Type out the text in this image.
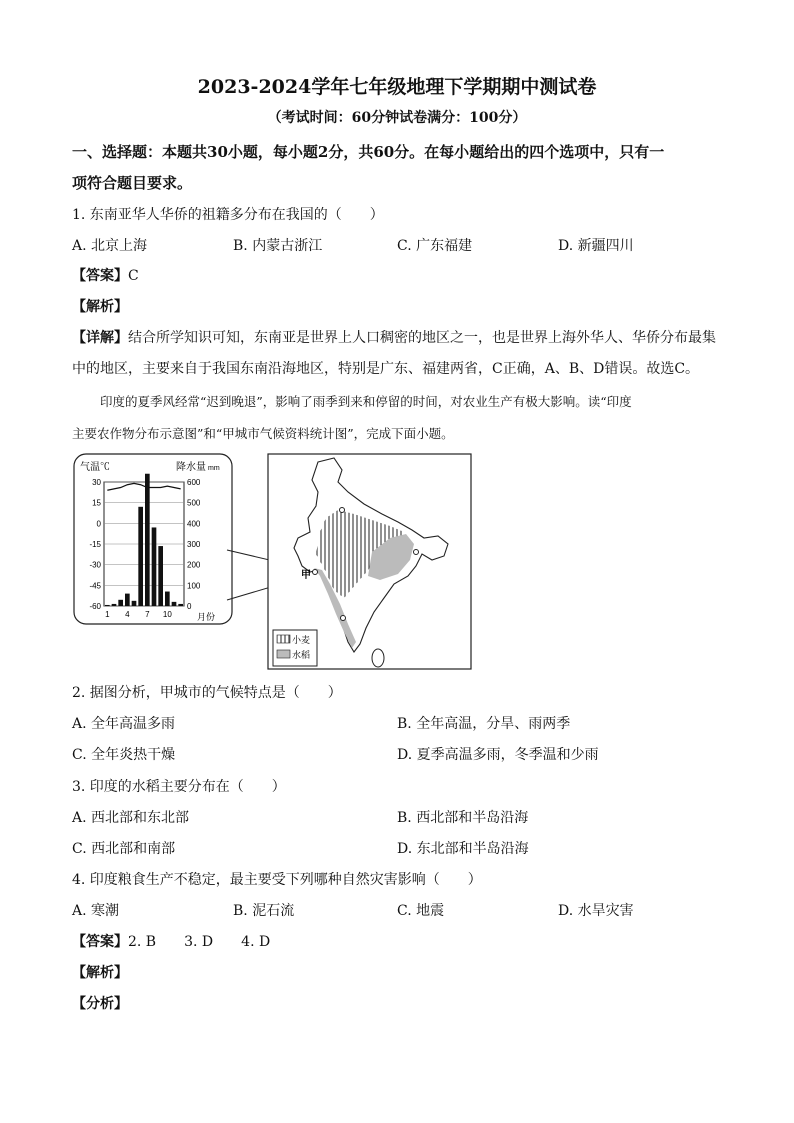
2023-2024学年七年级地理下学期期中测试卷
（考试时间：60分钟试卷满分：100分）
一、选择题：本题共30小题，每小题2分，共60分。在每小题给出的四个选项中，只有一
项符合题目要求。
1. 东南亚华人华侨的祖籍多分布在我国的（　　）
A. 北京上海	B. 内蒙古浙江	C. 广东福建	D. 新疆四川
【答案】C
【解析】
【详解】结合所学知识可知，东南亚是世界上人口稠密的地区之一，也是世界上海外华人、华侨分布最集
中的地区，主要来自于我国东南沿海地区，特别是广东、福建两省，C正确，A、B、D错误。故选C。
印度的夏季风经常“迟到晚退”，影响了雨季到来和停留的时间，对农业生产有极大影响。读“印度
主要农作物分布示意图”和“甲城市气候资料统计图”，完成下面小题。
30	600
15	500
0	400
-15	300
-30	200
-45	100
-60	0
1 4 7 10
气温℃	降水量 mm
月份
甲
小麦
水稻
2. 据图分析，甲城市的气候特点是（　　）
A. 全年高温多雨	B. 全年高温，分旱、雨两季
C. 全年炎热干燥	D. 夏季高温多雨，冬季温和少雨
3. 印度的水稻主要分布在（　　）
A. 西北部和东北部	B. 西北部和半岛沿海
C. 西北部和南部	D. 东北部和半岛沿海
4. 印度粮食生产不稳定，最主要受下列哪种自然灾害影响（　　）
A. 寒潮	B. 泥石流	C. 地震	D. 水旱灾害
【答案】2. B 3. D 4. D
【解析】
【分析】
